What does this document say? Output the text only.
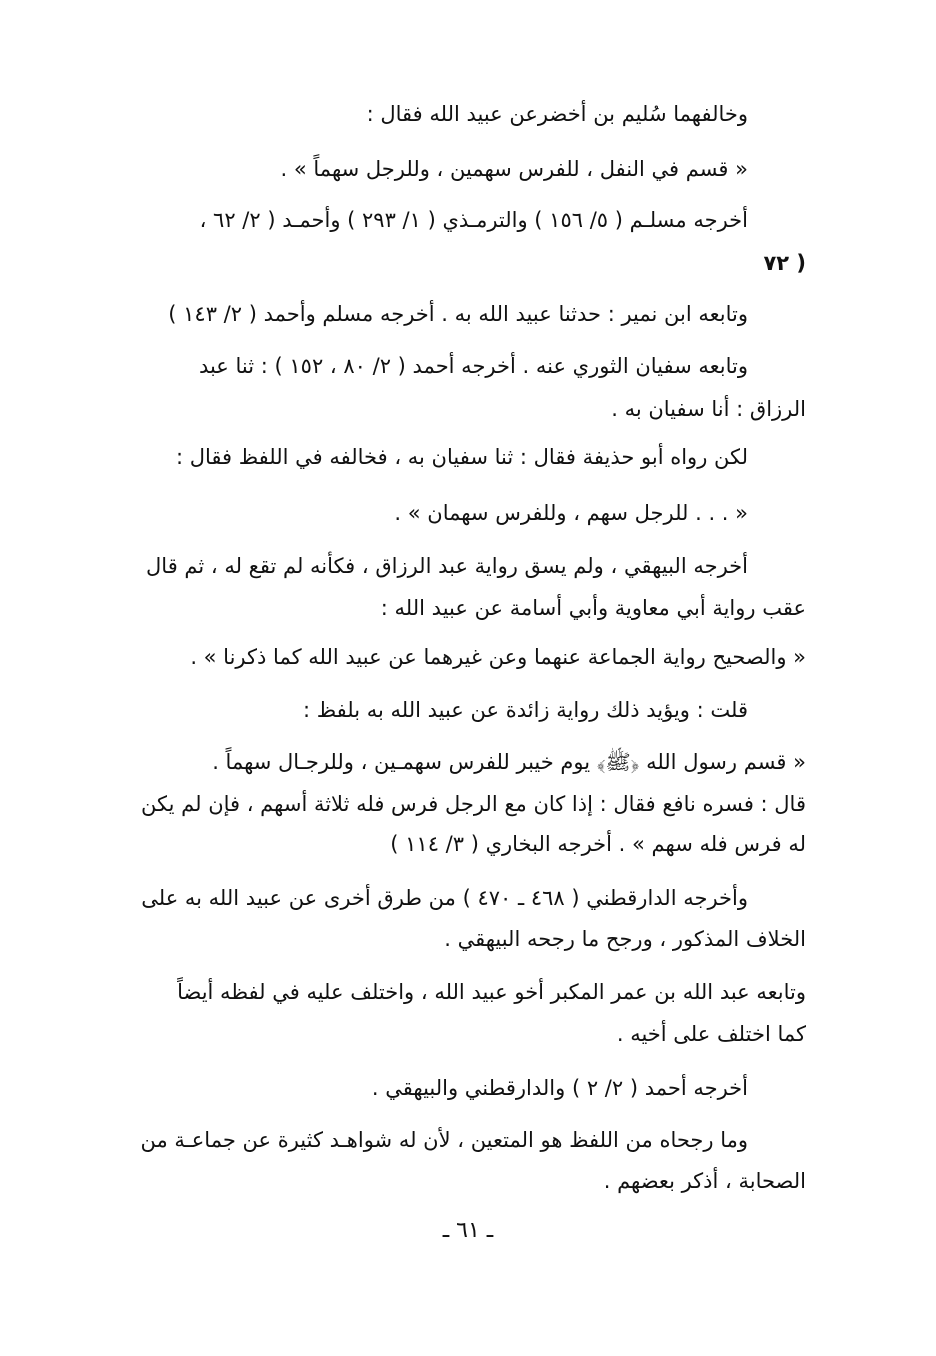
وخالفهما سُليم بن أخضرعن عبيد الله فقال :
« قسم في النفل ، للفرس سهمين ، وللرجل سهماً » .
أخرجه مسلـم ( ٥/ ١٥٦ ) والترمـذي ( ١/ ٢٩٣ ) وأحمـد ( ٢/ ٦٢ ،
٧٢ )
وتابعه ابن نمير : حدثنا عبيد الله به . أخرجه مسلم وأحمد ( ٢/ ١٤٣ )
وتابعه سفيان الثوري عنه . أخرجه أحمد ( ٢/ ٨٠ ، ١٥٢ ) : ثنا عبد
الرزاق : أنا سفيان به .
لكن رواه أبو حذيفة فقال : ثنا سفيان به ، فخالفه في اللفظ فقال :
« . . . للرجل سهم ، وللفرس سهمان » .
أخرجه البيهقي ، ولم يسق رواية عبد الرزاق ، فكأنه لم تقع له ، ثم قال
عقب رواية أبي معاوية وأبي أسامة عن عبيد الله :
« والصحيح رواية الجماعة عنهما وعن غيرهما عن عبيد الله كما ذكرنا » .
قلت : ويؤيد ذلك رواية زائدة عن عبيد الله به بلفظ :
« قسم رسول الله ﴿ﷺ﴾ يوم خيبر للفرس سهمـين ، وللرجـال سهماً .
قال : فسره نافع فقال : إذا كان مع الرجل فرس فله ثلاثة أسهم ، فإن لم يكن
له فرس فله سهم » . أخرجه البخاري ( ٣/ ١١٤ )
وأخرجه الدارقطني ( ٤٦٨ ـ ٤٧٠ ) من طرق أخرى عن عبيد الله به على
الخلاف المذكور ، ورجح ما رجحه البيهقي .
وتابعه عبد الله بن عمر المكبر أخو عبيد الله ، واختلف عليه في لفظه أيضاً
كما اختلف على أخيه .
أخرجه أحمد ( ٢/ ٢ ) والدارقطني والبيهقي .
وما رجحاه من اللفظ هو المتعين ، لأن له شواهـد كثيرة عن جماعـة من
الصحابة ، أذكر بعضهم .
ـ ٦١ ـ
